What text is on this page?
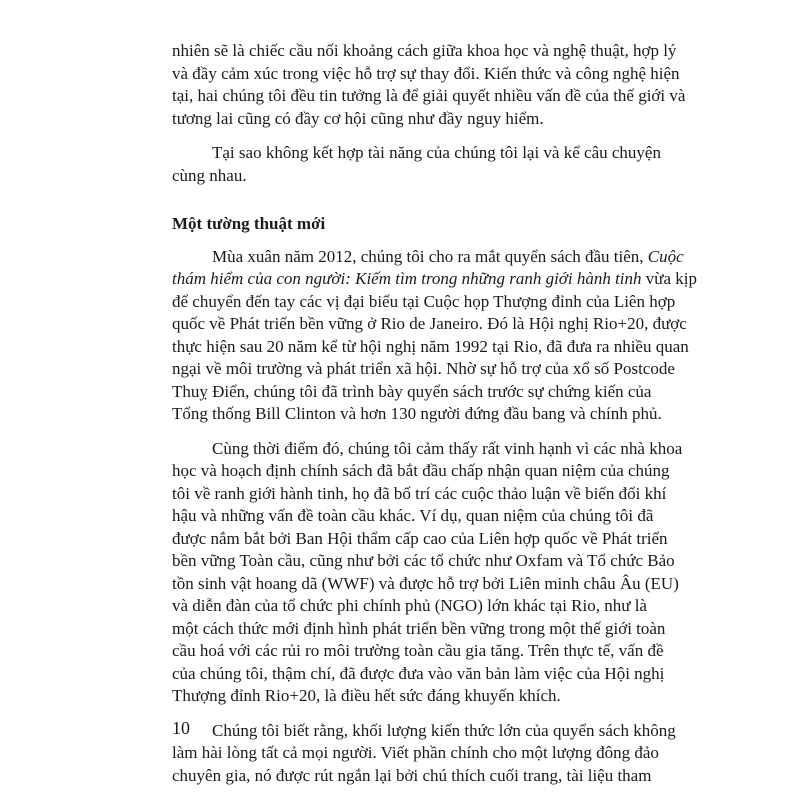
nhiên sẽ là chiếc cầu nối khoảng cách giữa khoa học và nghệ thuật, hợp lý
và đầy cảm xúc trong việc hỗ trợ sự thay đổi. Kiến thức và công nghệ hiện
tại, hai chúng tôi đều tin tưởng là để giải quyết nhiều vấn đề của thế giới và
tương lai cũng có đầy cơ hội cũng như đầy nguy hiểm.
Tại sao không kết hợp tài năng của chúng tôi lại và kể câu chuyện
cùng nhau.
Một tường thuật mới
Mùa xuân năm 2012, chúng tôi cho ra mắt quyển sách đầu tiên, Cuộc
thám hiểm của con người: Kiếm tìm trong những ranh giới hành tinh vừa kịp
để chuyển đến tay các vị đại biểu tại Cuộc họp Thượng đỉnh của Liên hợp
quốc về Phát triển bền vững ở Rio de Janeiro. Đó là Hội nghị Rio+20, được
thực hiện sau 20 năm kể từ hội nghị năm 1992 tại Rio, đã đưa ra nhiều quan
ngại về môi trường và phát triển xã hội. Nhờ sự hỗ trợ của xổ số Postcode
Thuỵ Điển, chúng tôi đã trình bày quyển sách trước sự chứng kiến của
Tổng thống Bill Clinton và hơn 130 người đứng đầu bang và chính phủ.
Cùng thời điểm đó, chúng tôi cảm thấy rất vinh hạnh vì các nhà khoa
học và hoạch định chính sách đã bắt đầu chấp nhận quan niệm của chúng
tôi về ranh giới hành tinh, họ đã bố trí các cuộc thảo luận về biến đổi khí
hậu và những vấn đề toàn cầu khác. Ví dụ, quan niệm của chúng tôi đã
được nắm bắt bởi Ban Hội thẩm cấp cao của Liên hợp quốc về Phát triển
bền vững Toàn cầu, cũng như bởi các tổ chức như Oxfam và Tổ chức Bảo
tồn sinh vật hoang dã (WWF) và được hỗ trợ bởi Liên minh châu Âu (EU)
và diễn đàn của tổ chức phi chính phủ (NGO) lớn khác tại Rio, như là
một cách thức mới định hình phát triển bền vững trong một thế giới toàn
cầu hoá với các rủi ro môi trường toàn cầu gia tăng. Trên thực tế, vấn đề
của chúng tôi, thậm chí, đã được đưa vào văn bản làm việc của Hội nghị
Thượng đỉnh Rio+20, là điều hết sức đáng khuyến khích.
Chúng tôi biết rằng, khối lượng kiến thức lớn của quyển sách không
làm hài lòng tất cả mọi người. Viết phần chính cho một lượng đông đảo
chuyên gia, nó được rút ngắn lại bởi chú thích cuối trang, tài liệu tham
10
